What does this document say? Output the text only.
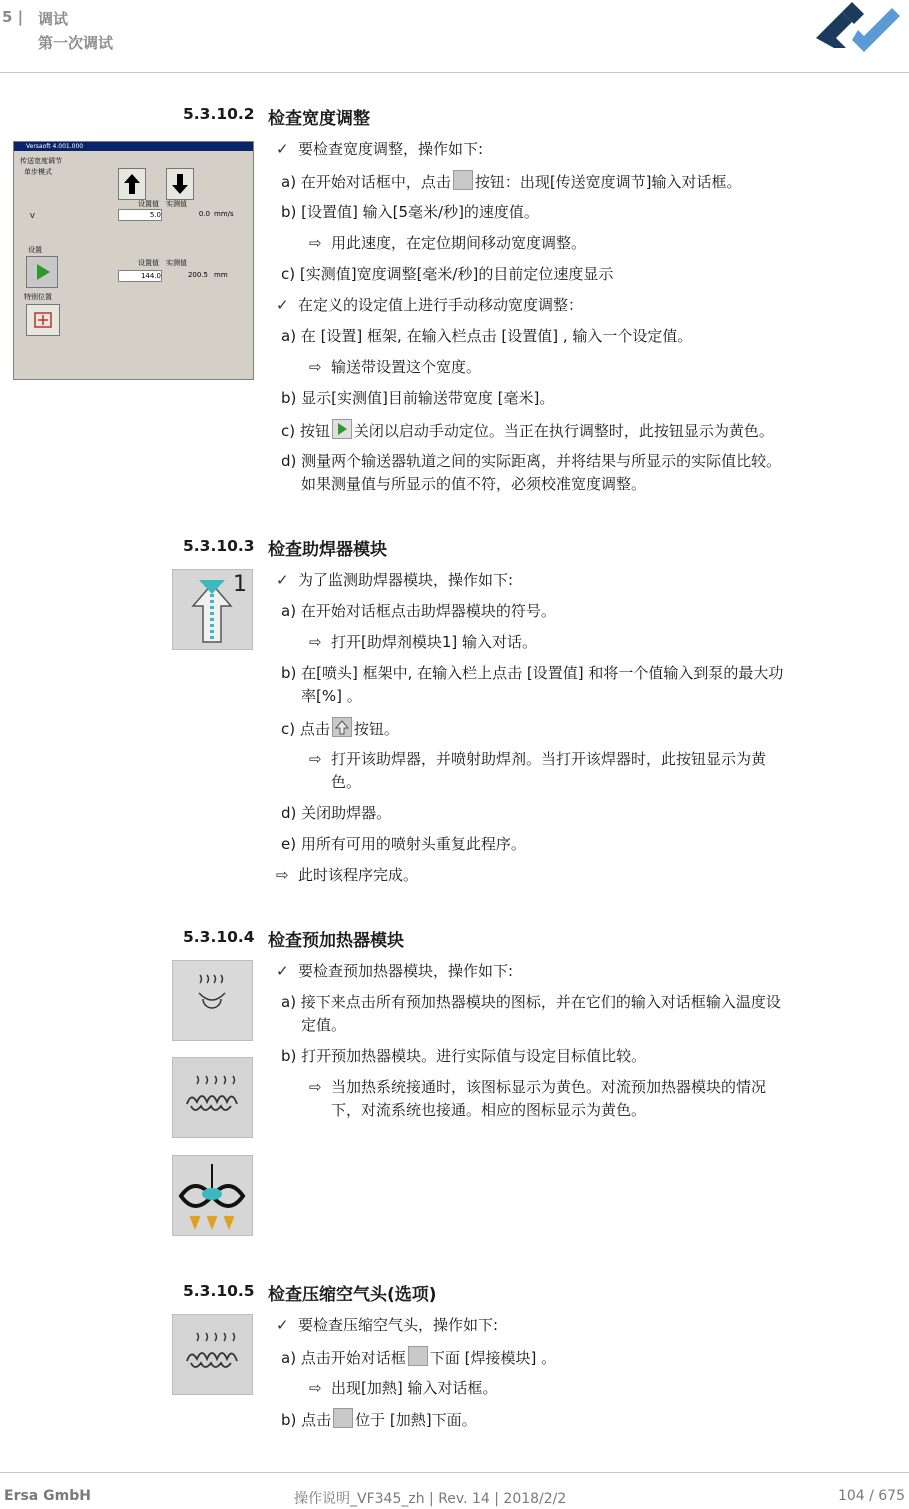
5 | 调试
第一次调试
5.3.10.2 检查宽度调整
Versaoft 4.001.000
传送宽度调节
单步模式
设置值 实测值
V	5.0	0.0 mm/s
设置
设置值 实测值
144.0	200.5 mm
特别位置
✓ 要检查宽度调整，操作如下:
a) 在开始对话框中，点击 按钮：出现[传送宽度调节]输入对话框。
b) [设置值] 输入[5毫米/秒]的速度值。
⇨ 用此速度，在定位期间移动宽度调整。
c) [实测值]宽度调整[毫米/秒]的目前定位速度显示
✓ 在定义的设定值上进行手动移动宽度调整：
a) 在 [设置] 框架, 在输入栏点击 [设置值] , 输入一个设定值。
⇨ 输送带设置这个宽度。
b) 显示[实测值]目前输送带宽度 [毫米]。
c) 按钮 关闭以启动手动定位。当正在执行调整时，此按钮显示为黄色。
d) 测量两个输送器轨道之间的实际距离，并将结果与所显示的实际值比较。
如果测量值与所显示的值不符，必须校准宽度调整。
5.3.10.3 检查助焊器模块
1 ✓ 为了监测助焊器模块，操作如下:
a) 在开始对话框点击助焊器模块的符号。
⇨ 打开[助焊剂模块1] 输入对话。
b) 在[喷头] 框架中, 在输入栏上点击 [设置值] 和将一个值输入到泵的最大功
率[%] 。
c) 点击 按钮。
⇨ 打开该助焊器，并喷射助焊剂。当打开该焊器时，此按钮显示为黄
色。
d) 关闭助焊器。
e) 用所有可用的喷射头重复此程序。
⇨ 此时该程序完成。
5.3.10.4 检查预加热器模块
✓ 要检查预加热器模块，操作如下:
a) 接下来点击所有预加热器模块的图标，并在它们的输入对话框输入温度设
定值。
b) 打开预加热器模块。进行实际值与设定目标值比较。
⇨ 当加热系统接通时，该图标显示为黄色。对流预加热器模块的情况
下，对流系统也接通。相应的图标显示为黄色。
5.3.10.5 检查压缩空气头(选项)
✓ 要检查压缩空气头，操作如下:
a) 点击开始对话框 下面 [焊接模块] 。
⇨ 出现[加熱] 输入对话框。
b) 点击 位于 [加熱]下面。
Ersa GmbH	操作说明_VF345_zh | Rev. 14 | 2018/2/2	104 / 675
